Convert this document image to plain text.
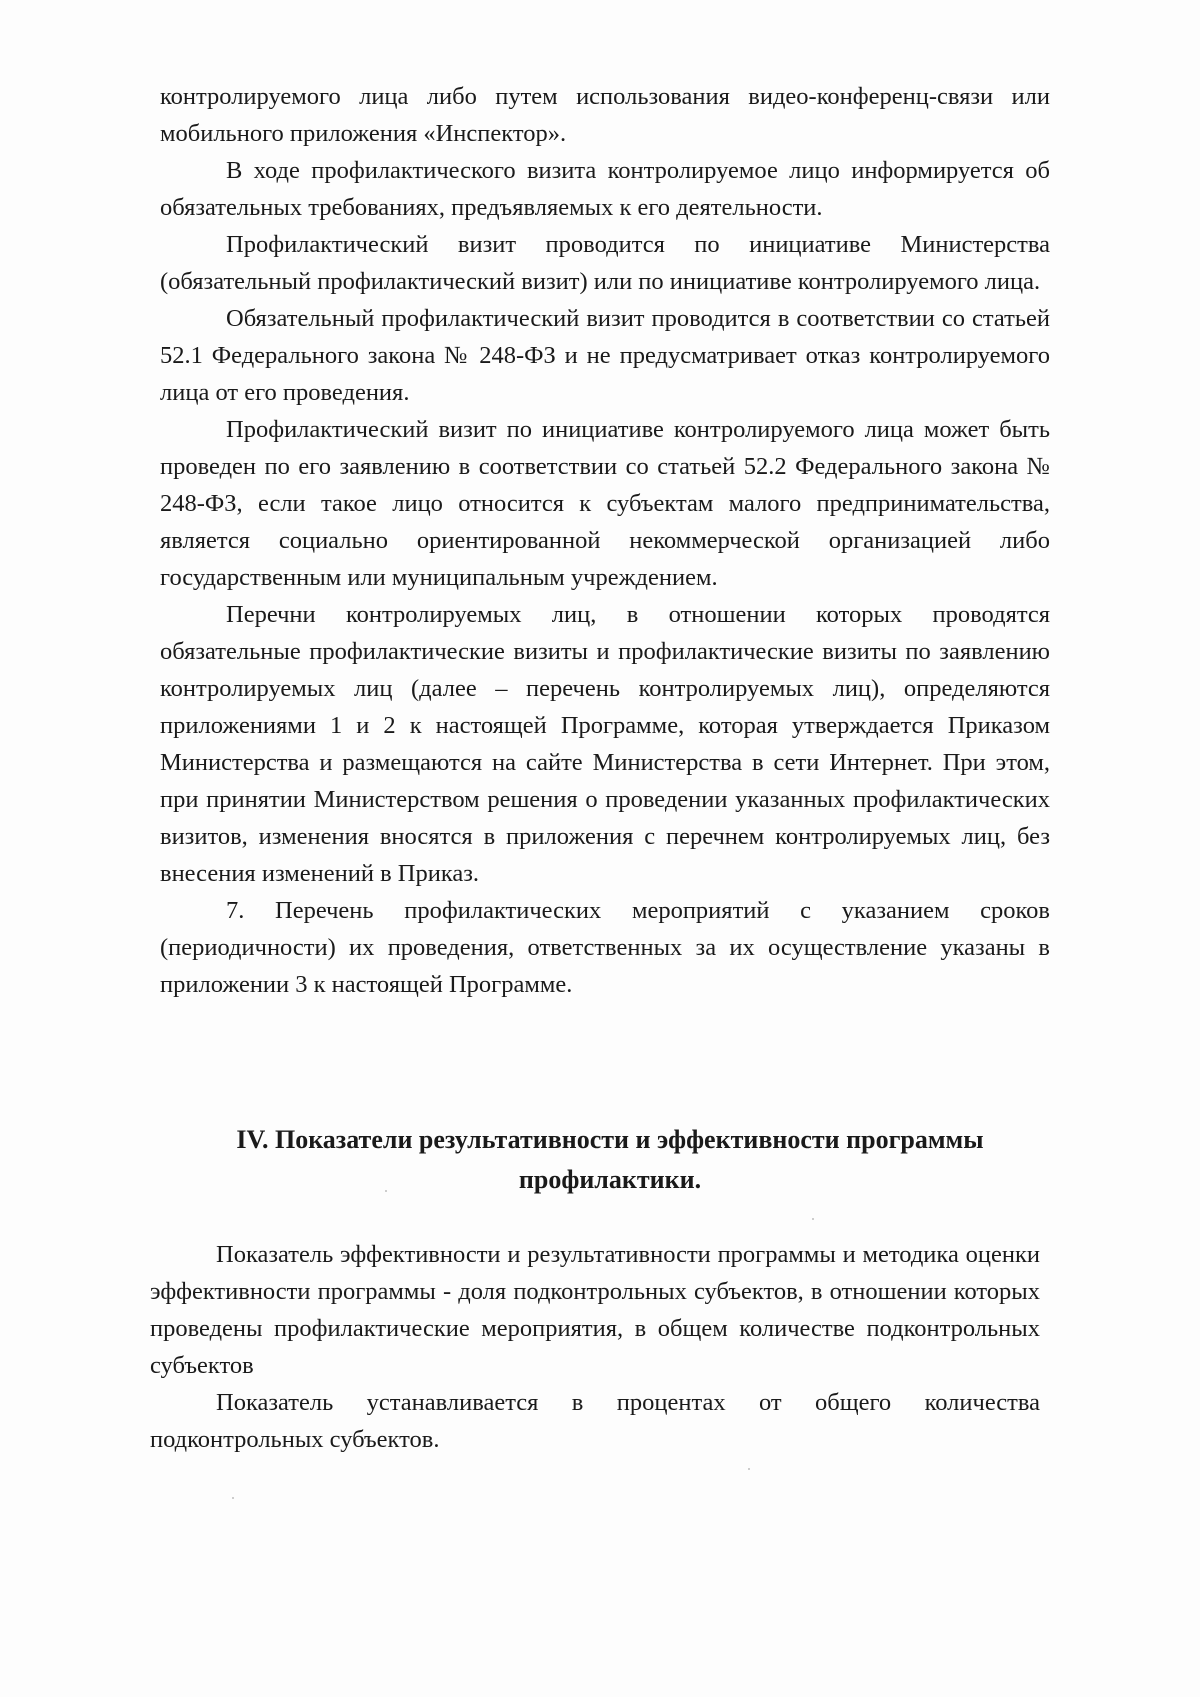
контролируемого лица либо путем использования видео-конференц-связи или мобильного приложения «Инспектор».

В ходе профилактического визита контролируемое лицо информируется об обязательных требованиях, предъявляемых к его деятельности.

Профилактический визит проводится по инициативе Министерства (обязательный профилактический визит) или по инициативе контролируемого лица.

Обязательный профилактический визит проводится в соответствии со статьей 52.1 Федерального закона № 248-ФЗ и не предусматривает отказ контролируемого лица от его проведения.

Профилактический визит по инициативе контролируемого лица может быть проведен по его заявлению в соответствии со статьей 52.2 Федерального закона № 248-ФЗ, если такое лицо относится к субъектам малого предпринимательства, является социально ориентированной некоммерческой организацией либо государственным или муниципальным учреждением.

Перечни контролируемых лиц, в отношении которых проводятся обязательные профилактические визиты и профилактические визиты по заявлению контролируемых лиц (далее – перечень контролируемых лиц), определяются приложениями 1 и 2 к настоящей Программе, которая утверждается Приказом Министерства и размещаются на сайте Министерства в сети Интернет. При этом, при принятии Министерством решения о проведении указанных профилактических визитов, изменения вносятся в приложения с перечнем контролируемых лиц, без внесения изменений в Приказ.

7. Перечень профилактических мероприятий с указанием сроков (периодичности) их проведения, ответственных за их осуществление указаны в приложении 3 к настоящей Программе.

IV. Показатели результативности и эффективности программы профилактики.

Показатель эффективности и результативности программы и методика оценки эффективности программы - доля подконтрольных субъектов, в отношении которых проведены профилактические мероприятия, в общем количестве подконтрольных субъектов

Показатель устанавливается в процентах от общего количества подконтрольных субъектов.
